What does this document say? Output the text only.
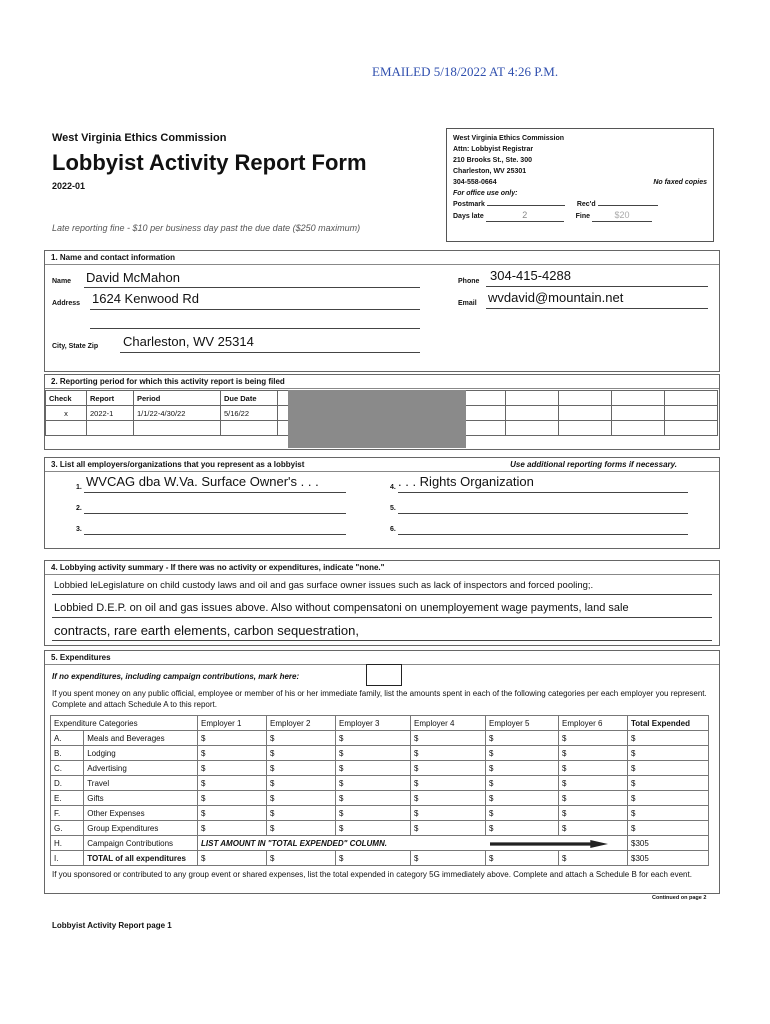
EMAILED 5/18/2022 AT 4:26 P.M.
West Virginia Ethics Commission
Lobbyist Activity Report Form
2022-01
Late reporting fine - $10 per business day past the due date ($250 maximum)
West Virginia Ethics Commission
Attn: Lobbyist Registrar
210 Brooks St., Ste. 300
Charleston, WV 25301
304-558-0664	No faxed copies
For office use only:
Postmark	Rec'd
Days late	2	Fine	$20
1. Name and contact information
Name David McMahon
Address 1624 Kenwood Rd
City, State Zip Charleston, WV 25314
Phone 304-415-4288
Email wvdavid@mountain.net
2. Reporting period for which this activity report is being filed
Check	Report	Period	Due Date						
x	2022-1	1/1/22-4/30/22	5/16/22						

3. List all employers/organizations that you represent as a lobbyist	Use additional reporting forms if necessary.
1. WVCAG dba W.Va. Surface Owner's . . .	4. . . . Rights Organization
2.	5.
3.	6.
4. Lobbying activity summary - If there was no activity or expenditures, indicate "none."
Lobbied leLegislature on child custody laws and oil and gas surface owner issues such as lack of inspectors and forced pooling;.
Lobbied D.E.P. on oil and gas issues above. Also without compensatoni on unemployement wage payments, land sale
contracts, rare earth elements, carbon sequestration,
5. Expenditures
If no expenditures, including campaign contributions, mark here:
If you spent money on any public official, employee or member of his or her immediate family, list the amounts spent in each of the following categories per each employer you represent. Complete and attach Schedule A to this report.
Expenditure Categories		Employer 1	Employer 2	Employer 3	Employer 4	Employer 5	Employer 6	Total Expended
A.	Meals and Beverages	$	$	$	$	$	$	$
B.	Lodging	$	$	$	$	$	$	$
C.	Advertising	$	$	$	$	$	$	$
D.	Travel	$	$	$	$	$	$	$
E.	Gifts	$	$	$	$	$	$	$
F.	Other Expenses	$	$	$	$	$	$	$
G.	Group Expenditures	$	$	$	$	$	$	$
H.	Campaign Contributions	LIST AMOUNT IN "TOTAL EXPENDED" COLUMN.						$305
I.	TOTAL of all expenditures	$	$	$	$	$	$	$305
If you sponsored or contributed to any group event or shared expenses, list the total expended in category 5G immediately above. Complete and attach a Schedule B for each event.
Continued on page 2
Lobbyist Activity Report page 1
